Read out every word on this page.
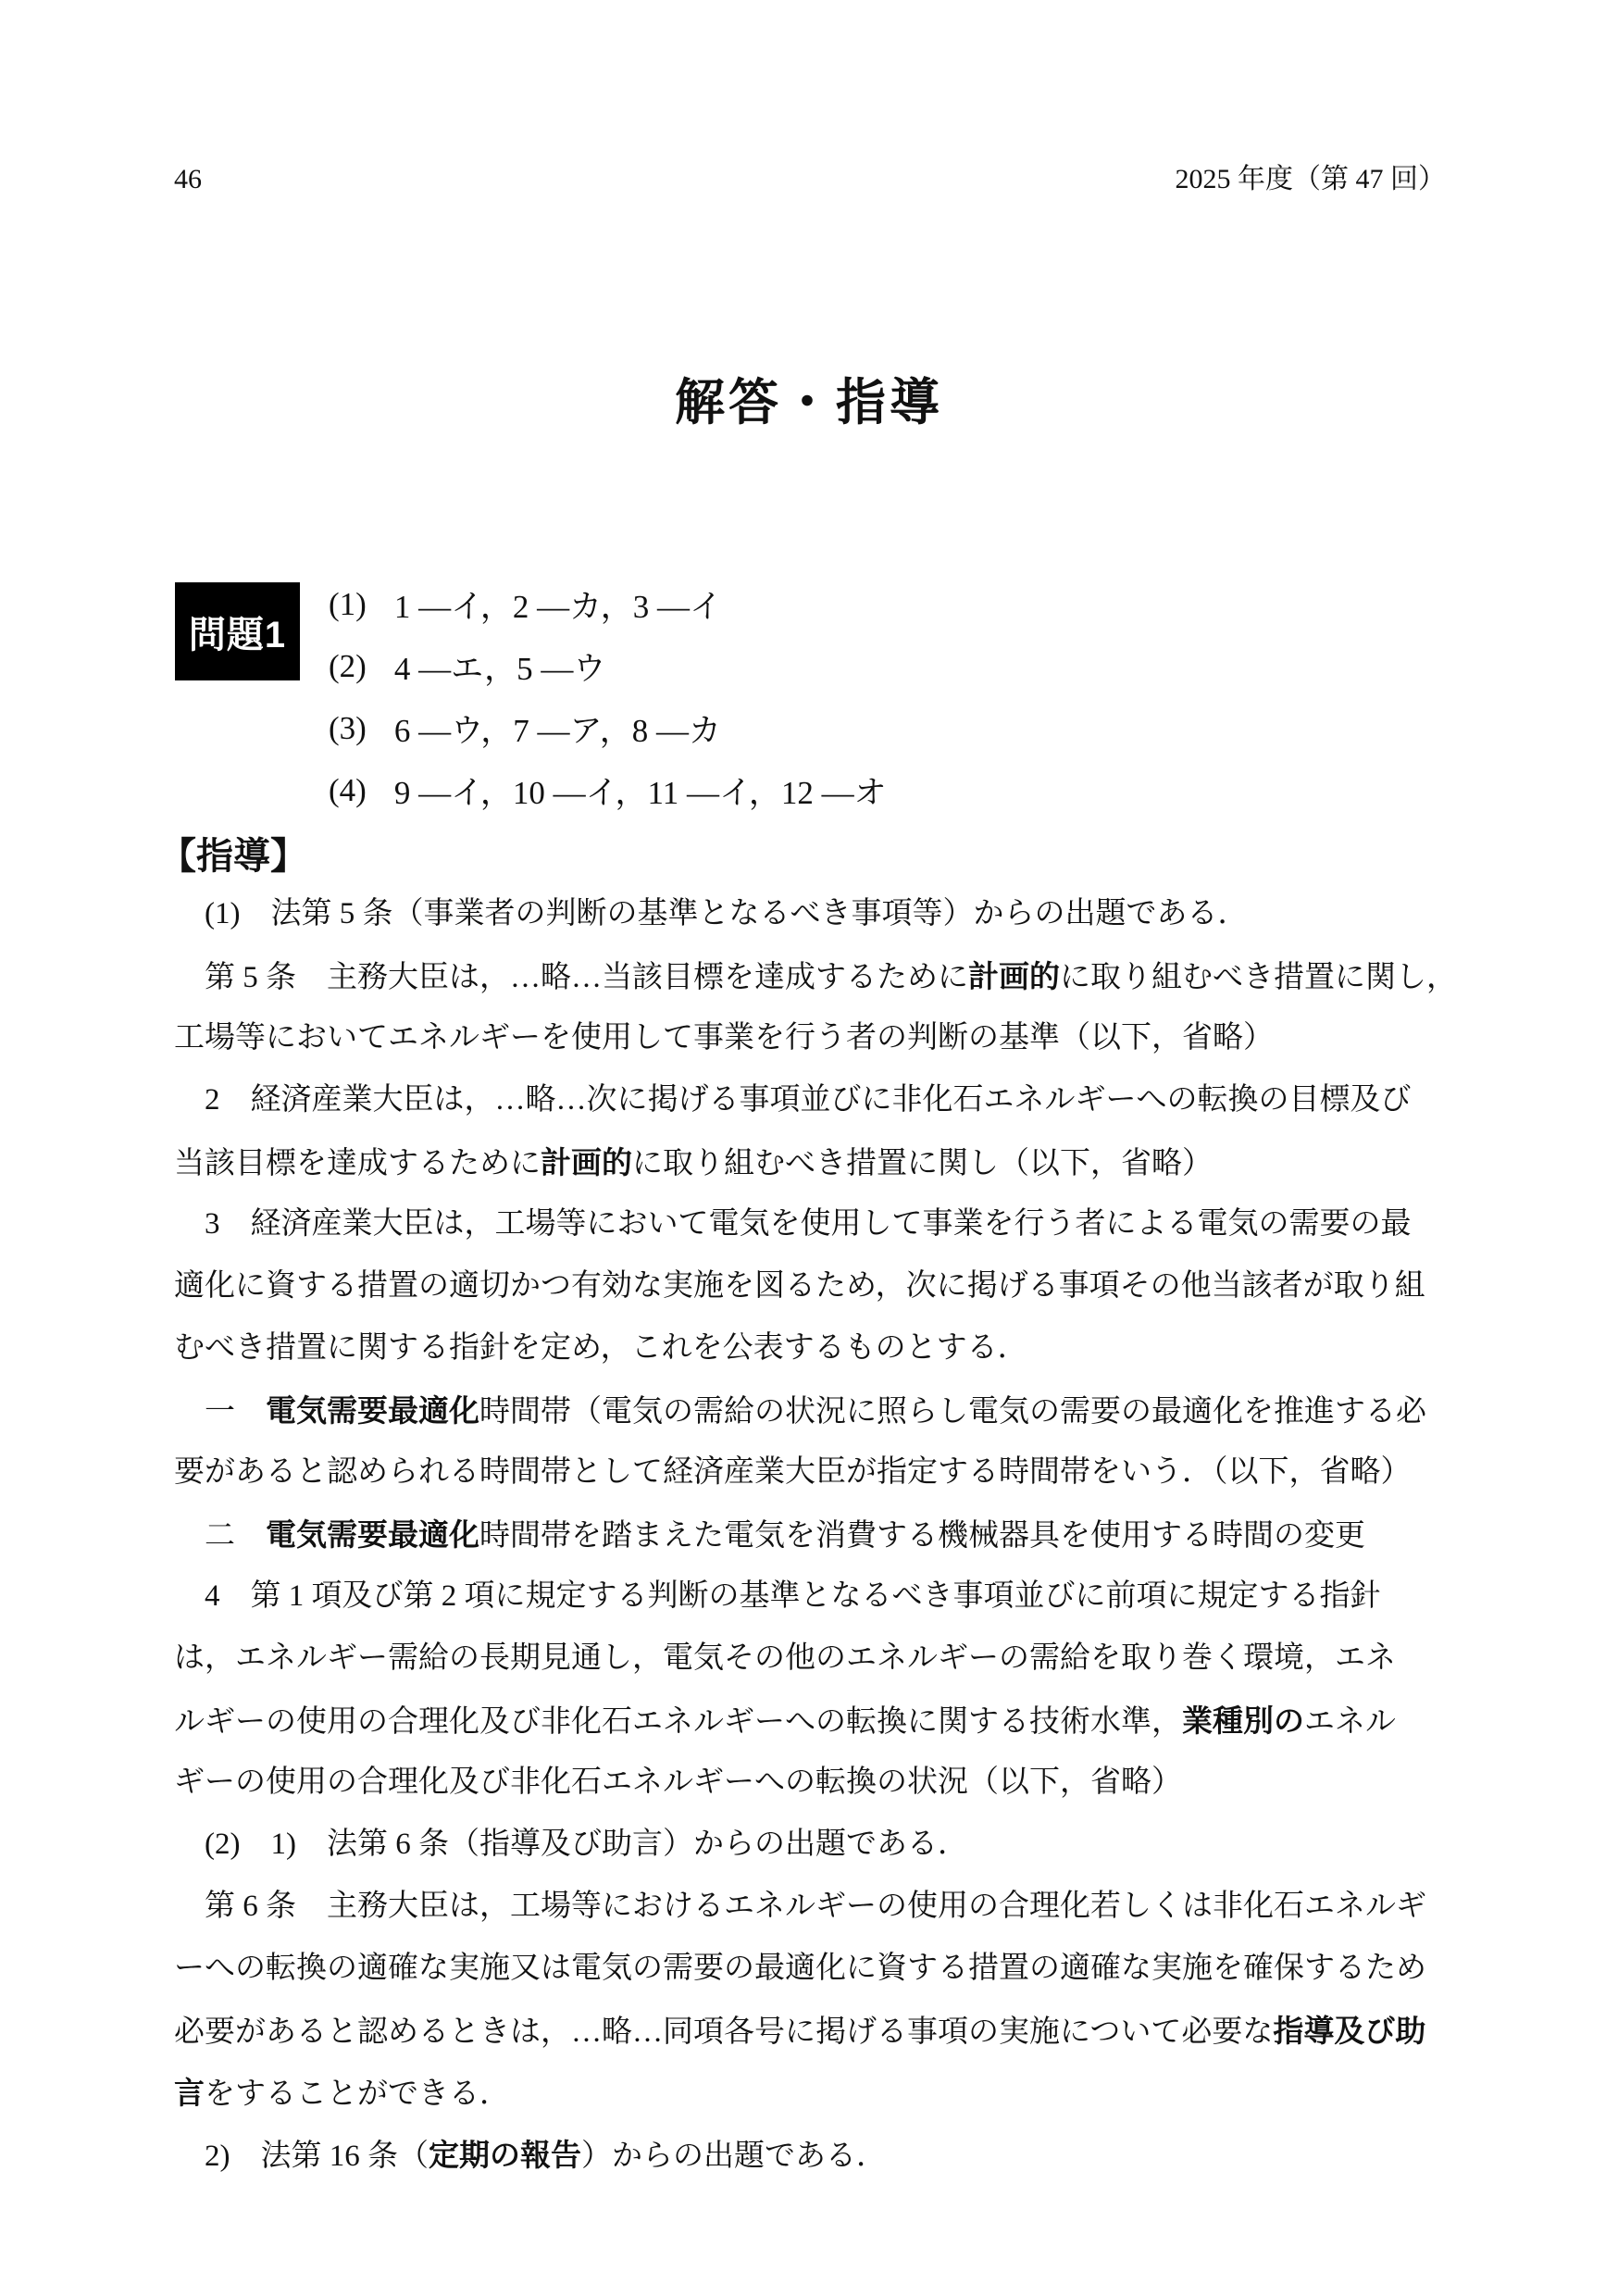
46	2025 年度（第 47 回）
解答・指導
問題1
(1) 1 —イ，2 —カ，3 —イ
(2) 4 —エ，5 —ウ
(3) 6 —ウ，7 —ア，8 —カ
(4) 9 —イ，10 —イ，11 —イ，12 —オ
【指導】
　(1)　法第 5 条（事業者の判断の基準となるべき事項等）からの出題である．
　第 5 条　主務大臣は，…略…当該目標を達成するために計画的に取り組むべき措置に関し，
工場等においてエネルギーを使用して事業を行う者の判断の基準（以下，省略）
　2　経済産業大臣は，…略…次に掲げる事項並びに非化石エネルギーへの転換の目標及び
当該目標を達成するために計画的に取り組むべき措置に関し（以下，省略）
　3　経済産業大臣は，工場等において電気を使用して事業を行う者による電気の需要の最
適化に資する措置の適切かつ有効な実施を図るため，次に掲げる事項その他当該者が取り組
むべき措置に関する指針を定め，これを公表するものとする．
　一　電気需要最適化時間帯（電気の需給の状況に照らし電気の需要の最適化を推進する必
要があると認められる時間帯として経済産業大臣が指定する時間帯をいう．（以下，省略）
　二　電気需要最適化時間帯を踏まえた電気を消費する機械器具を使用する時間の変更
　4　第 1 項及び第 2 項に規定する判断の基準となるべき事項並びに前項に規定する指針
は，エネルギー需給の長期見通し，電気その他のエネルギーの需給を取り巻く環境，エネ
ルギーの使用の合理化及び非化石エネルギーへの転換に関する技術水準，業種別のエネル
ギーの使用の合理化及び非化石エネルギーへの転換の状況（以下，省略）
　(2)　1)　法第 6 条（指導及び助言）からの出題である．
　第 6 条　主務大臣は，工場等におけるエネルギーの使用の合理化若しくは非化石エネルギ
ーへの転換の適確な実施又は電気の需要の最適化に資する措置の適確な実施を確保するため
必要があると認めるときは，…略…同項各号に掲げる事項の実施について必要な指導及び助
言をすることができる．
　2)　法第 16 条（定期の報告）からの出題である．
